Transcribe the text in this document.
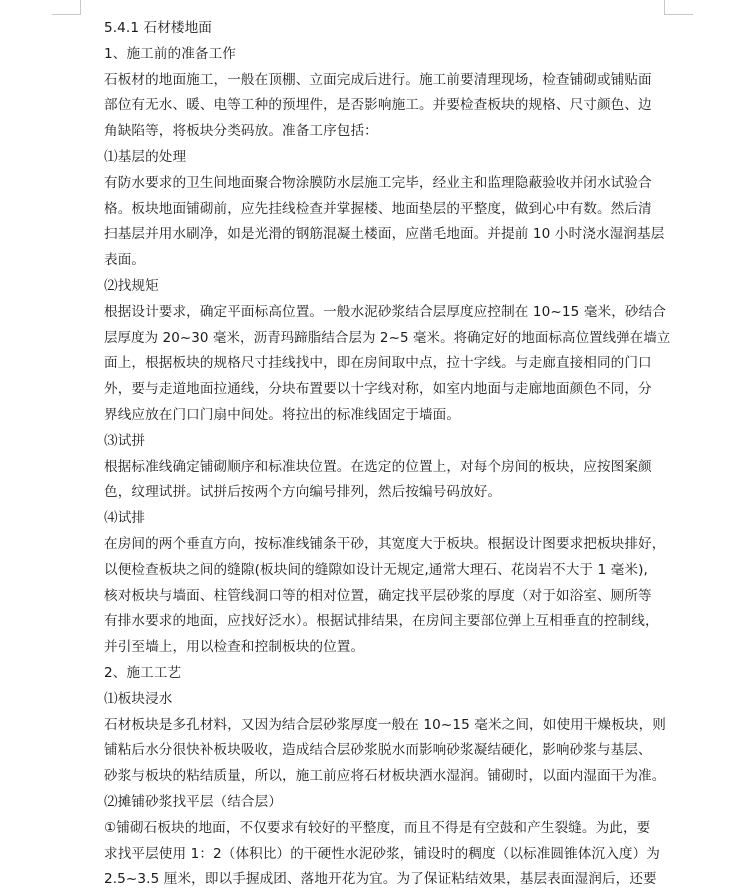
5.4.1 石材楼地面
1、施工前的准备工作
石板材的地面施工，一般在顶棚、立面完成后进行。施工前要清理现场，检查铺砌或铺贴面
部位有无水、暖、电等工种的预埋件，是否影响施工。并要检查板块的规格、尺寸颜色、边
角缺陷等，将板块分类码放。准备工序包括：
⑴基层的处理
有防水要求的卫生间地面聚合物涂膜防水层施工完毕，经业主和监理隐蔽验收并闭水试验合
格。板块地面铺砌前，应先挂线检查并掌握楼、地面垫层的平整度，做到心中有数。然后清
扫基层并用水刷净，如是光滑的钢筋混凝土楼面，应凿毛地面。并提前 10 小时浇水湿润基层
表面。
⑵找规矩
根据设计要求，确定平面标高位置。一般水泥砂浆结合层厚度应控制在 10~15 毫米，砂结合
层厚度为 20~30 毫米，沥青玛蹄脂结合层为 2~5 毫米。将确定好的地面标高位置线弹在墙立
面上，根据板块的规格尺寸挂线找中，即在房间取中点，拉十字线。与走廊直接相同的门口
外，要与走道地面拉通线，分块布置要以十字线对称，如室内地面与走廊地面颜色不同，分
界线应放在门口门扇中间处。将拉出的标准线固定于墙面。
⑶试拼
根据标准线确定铺砌顺序和标准块位置。在选定的位置上，对每个房间的板块，应按图案颜
色，纹理试拼。试拼后按两个方向编号排列，然后按编号码放好。
⑷试排
在房间的两个垂直方向，按标准线铺条干砂，其宽度大于板块。根据设计图要求把板块排好，
以便检查板块之间的缝隙(板块间的缝隙如设计无规定,通常大理石、花岗岩不大于 1 毫米),
核对板块与墙面、柱管线洞口等的相对位置，确定找平层砂浆的厚度（对于如浴室、厕所等
有排水要求的地面，应找好泛水）。根据试排结果，在房间主要部位弹上互相垂直的控制线，
并引至墙上，用以检查和控制板块的位置。
2、施工工艺
⑴板块浸水
石材板块是多孔材料，又因为结合层砂浆厚度一般在 10~15 毫米之间，如使用干燥板块，则
铺粘后水分很快补板块吸收，造成结合层砂浆脱水而影响砂浆凝结硬化，影响砂浆与基层、
砂浆与板块的粘结质量，所以，施工前应将石材板块洒水湿润。铺砌时，以面内湿面干为准。
⑵摊铺砂浆找平层（结合层）
①铺砌石板块的地面，不仅要求有较好的平整度，而且不得是有空鼓和产生裂缝。为此，要
求找平层使用 1：2（体积比）的干硬性水泥砂浆，铺设时的稠度（以标准圆锥体沉入度）为
2.5~3.5 厘米，即以手握成团、落地开花为宜。为了保证粘结效果，基层表面湿润后，还要
